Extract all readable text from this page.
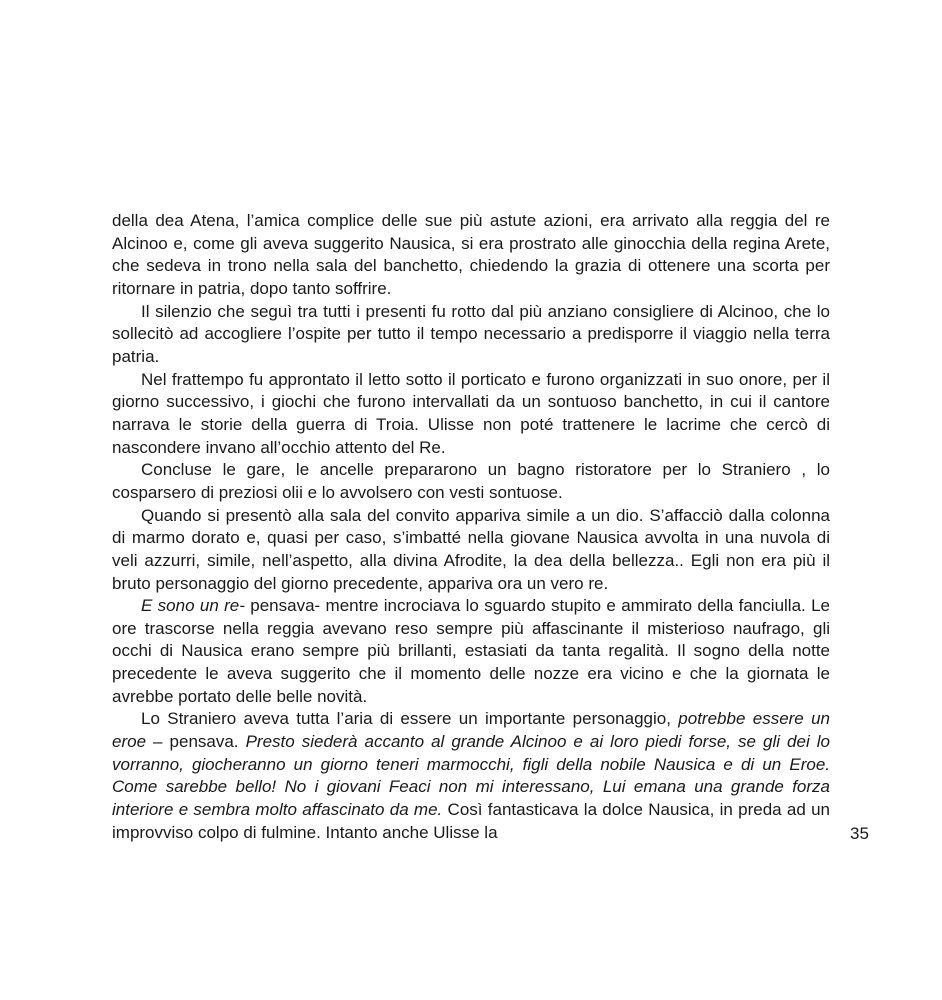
della dea Atena, l’amica complice delle sue più astute azioni, era arrivato alla reggia del re Alcinoo e, come gli aveva suggerito Nausica, si era prostrato alle ginocchia della regina Arete, che sedeva in trono nella sala del banchetto, chiedendo la grazia di ottenere una scorta per ritornare in patria, dopo tanto soffrire.

Il silenzio che seguì tra tutti i presenti fu rotto dal più anziano consigliere di Alcinoo, che lo sollecitò ad accogliere l’ospite per tutto il tempo necessario a predisporre il viaggio nella terra patria.

Nel frattempo fu approntato il letto sotto il porticato e furono organizzati in suo onore, per il giorno successivo, i giochi che furono intervallati da un sontuoso banchetto, in cui il cantore narrava le storie della guerra di Troia. Ulisse non poté trattenere le lacrime che cercò di nascondere invano all’occhio attento del Re.

Concluse le gare, le ancelle prepararono un bagno ristoratore per lo Straniero , lo cosparsero di preziosi olii e lo avvolsero con vesti sontuose.

Quando si presentò alla sala del convito appariva simile a un dio. S’affacciò dalla colonna di marmo dorato e, quasi per caso, s’imbatté nella giovane Nausica avvolta in una nuvola di veli azzurri, simile, nell’aspetto, alla divina Afrodite, la dea della bellezza.. Egli non era più il bruto personaggio del giorno precedente, appariva ora un vero re.

E sono un re- pensava- mentre incrociava lo sguardo stupito e ammirato della fanciulla. Le ore trascorse nella reggia avevano reso sempre più affascinante il misterioso naufrago, gli occhi di Nausica erano sempre più brillanti, estasiati da tanta regalità. Il sogno della notte precedente le aveva suggerito che il momento delle nozze era vicino e che la giornata le avrebbe portato delle belle novità.

Lo Straniero aveva tutta l’aria di essere un importante personaggio, potrebbe essere un eroe – pensava. Presto siederà accanto al grande Alcinoo e ai loro piedi forse, se gli dei lo vorranno, giocheranno un giorno teneri marmocchi, figli della nobile Nausica e di un Eroe. Come sarebbe bello! No i giovani Feaci non mi interessano, Lui emana una grande forza interiore e sembra molto affascinato da me. Così fantasticava la dolce Nausica, in preda ad un improvviso colpo di fulmine. Intanto anche Ulisse la	35
